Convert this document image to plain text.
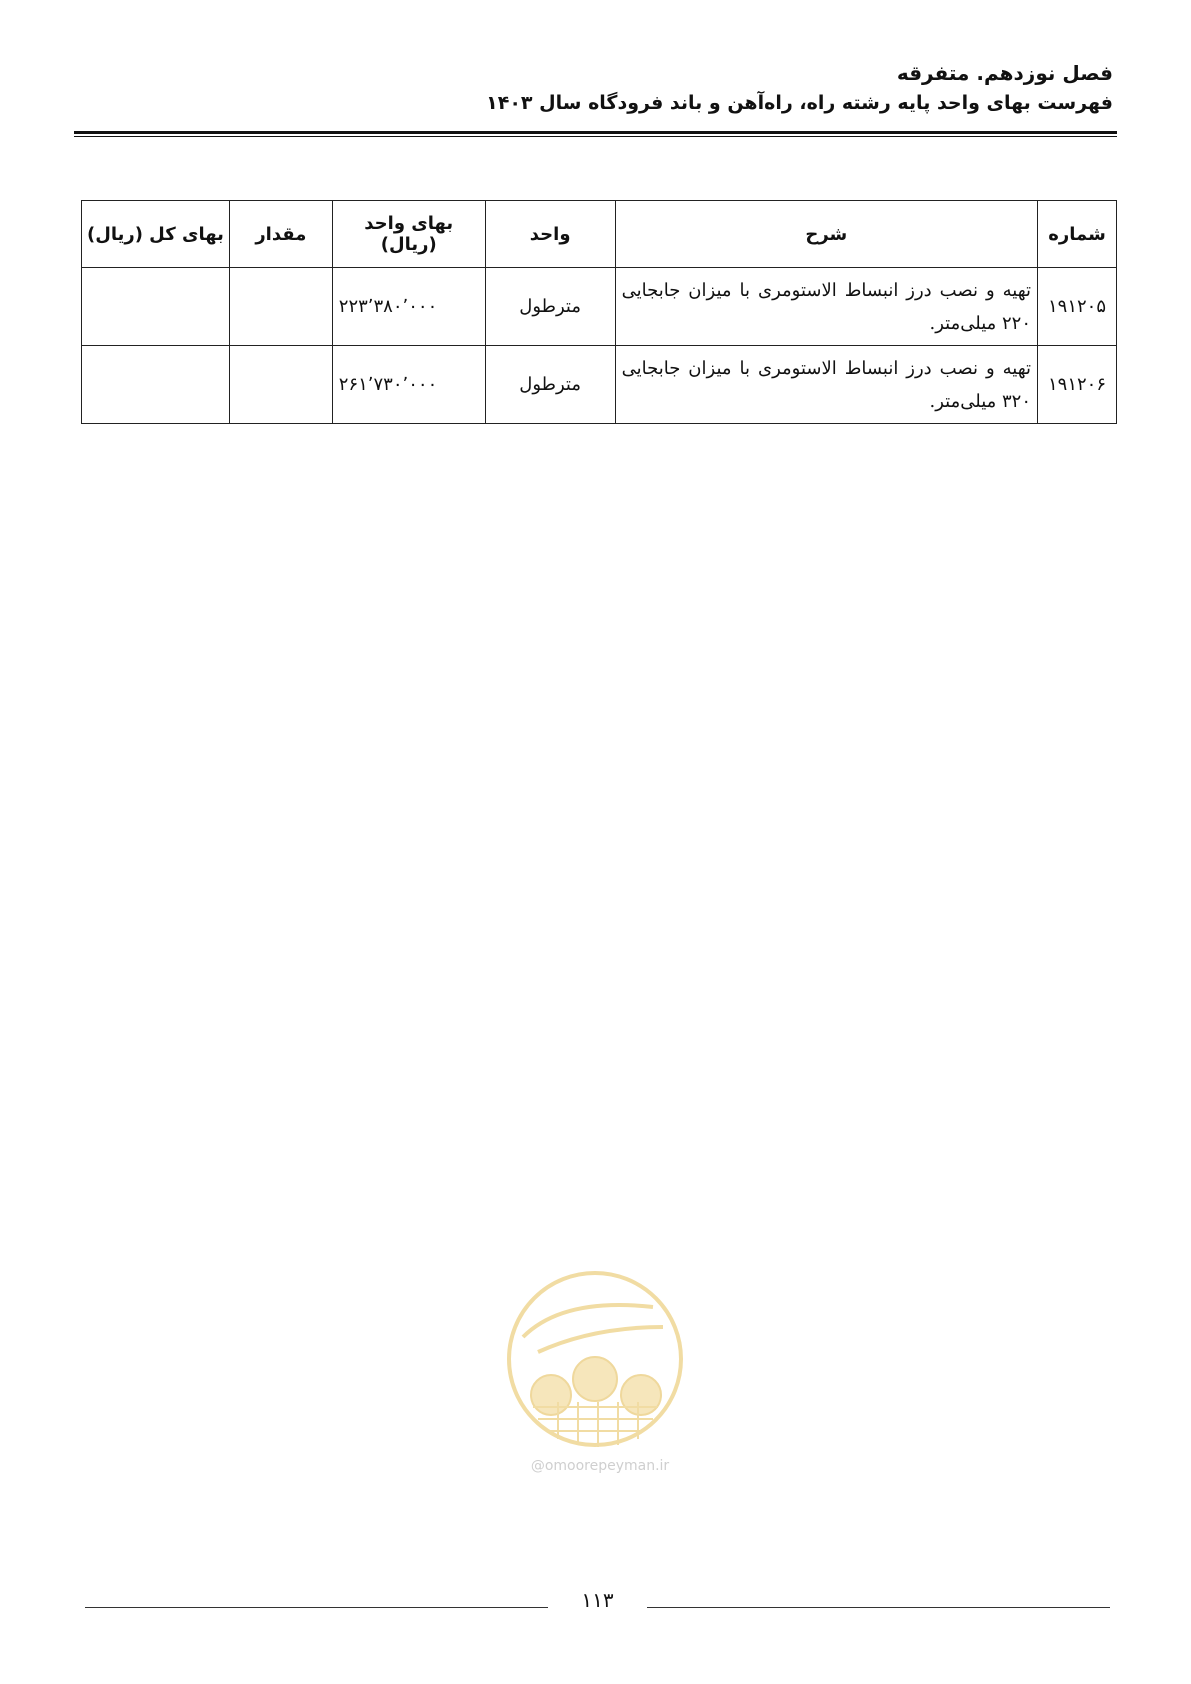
فصل نوزدهم. متفرقه
فهرست بهای واحد پایه رشته راه، راه‌آهن و باند فرودگاه سال ۱۴۰۳
شماره	شرح	واحد	بهای واحد (ریال)	مقدار	بهای کل (ریال)
۱۹۱۲۰۵	تهیه و نصب درز انبساط الاستومری با میزان جابجایی ۲۲۰ میلی‌متر.	مترطول	۲۲۳٬۳۸۰٬۰۰۰		
۱۹۱۲۰۶	تهیه و نصب درز انبساط الاستومری با میزان جابجایی ۳۲۰ میلی‌متر.	مترطول	۲۶۱٬۷۳۰٬۰۰۰		
@omoorepeyman.ir
۱۱۳
